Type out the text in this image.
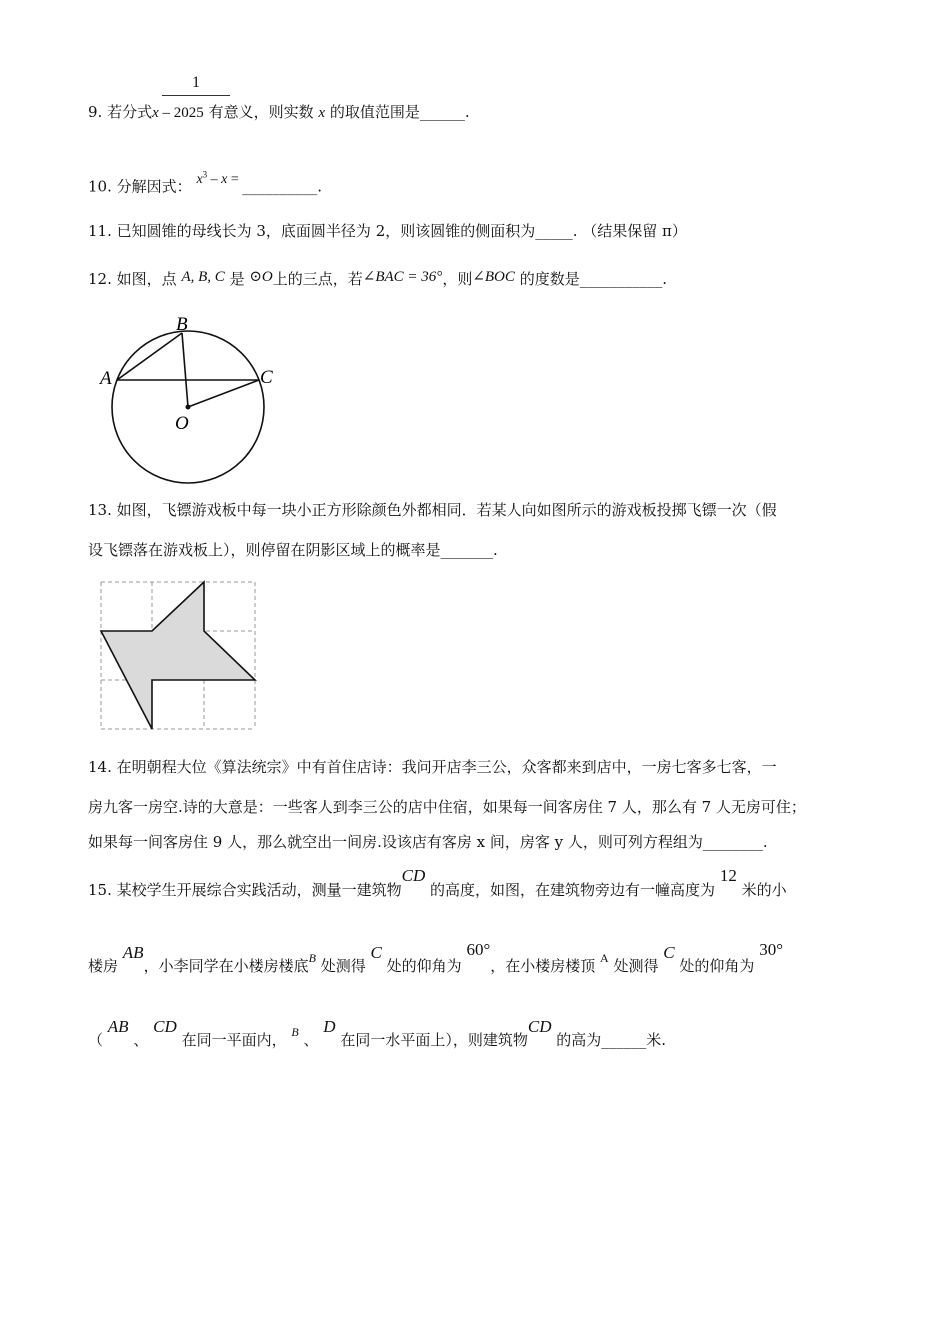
1
9. 若分式x – 2025 有意义，则实数 x 的取值范围是______.
10. 分解因式： $x^3$ – x = __________.
11. 已知圆锥的母线长为 3，底面圆半径为 2，则该圆锥的侧面积为_____. （结果保留 π）
12. 如图，点 A, B, C 是 ⊙O上的三点，若∠BAC = 36°，则∠BOC 的度数是___________.
B
A	C
O
13. 如图，飞镖游戏板中每一块小正方形除颜色外都相同．若某人向如图所示的游戏板投掷飞镖一次（假
设飞镖落在游戏板上），则停留在阴影区域上的概率是_______.
14. 在明朝程大位《算法统宗》中有首住店诗：我问开店李三公，众客都来到店中，一房七客多七客，一
房九客一房空.诗的大意是：一些客人到李三公的店中住宿，如果每一间客房住 7 人，那么有 7 人无房可住；
如果每一间客房住 9 人，那么就空出一间房.设该店有客房 x 间，房客 y 人，则可列方程组为________.
15. 某校学生开展综合实践活动，测量一建筑物CD 的高度，如图，在建筑物旁边有一幢高度为 12 米的小
楼房 AB，小李同学在小楼房楼底$^B$ 处测得 C 处的仰角为 60°，在小楼房楼顶 $^A$ 处测得 C 处的仰角为 30°
（ AB 、 CD 在同一平面内， $^B$ 、 D 在同一水平面上），则建筑物CD 的高为______米.
